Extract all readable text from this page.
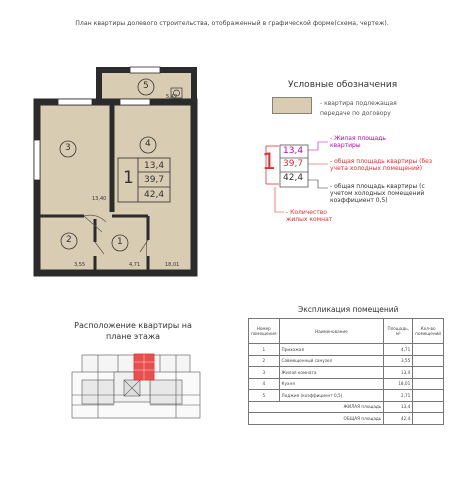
План квартиры долевого строительства, отображенный в графической форме(схема, чертеж).
5
3	4
2	1
5,42
13,40
3,55	4,71	18,01
1
13,4
39,7
42,4
Условные обозначения
- квартира подлежащая
передаче по договору
1 13,4
39,7
42,4
- Жилая площадь
квартиры
- общая площадь квартиры (без
учета холодных помещений)
- общая площадь квартиры (с
учетом холодных помещений
коэффициент 0,5)
- Количество
жилых комнат
Расположение квартиры на
плане этажа
Экспликация помещений
Номер помещения	Наименование	Площадь, м²	Кол-во помещений
1	Прихожая	4,71	
2	Совмещенный санузел	3,55	
3	Жилая комната	13,4	
4	Кухня	18,01	
5	Лоджия (коэффициент 0,5)	2,71	
ЖИЛАЯ площадь		13,4	
ОБЩАЯ площадь		42,4	
